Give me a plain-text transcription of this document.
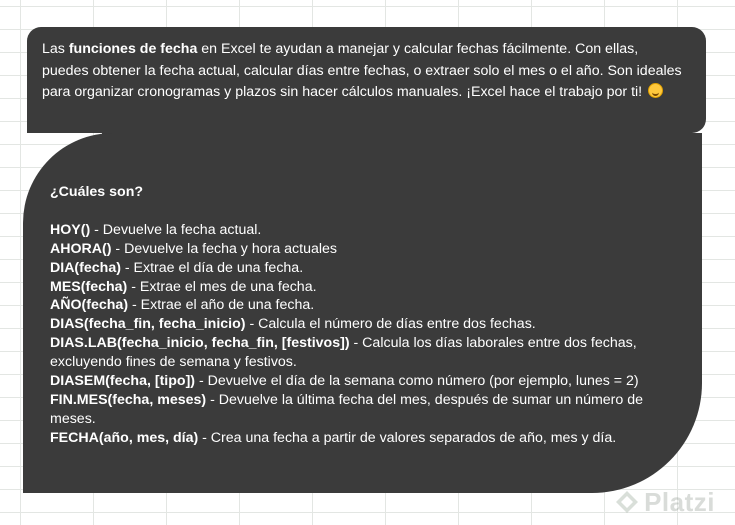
Las funciones de fecha en Excel te ayudan a manejar y calcular fechas fácilmente. Con ellas, puedes obtener la fecha actual, calcular días entre fechas, o extraer solo el mes o el año. Son ideales para organizar cronogramas y plazos sin hacer cálculos manuales. ¡Excel hace el trabajo por ti!

¿Cuáles son?

HOY() - Devuelve la fecha actual.

AHORA() - Devuelve la fecha y hora actuales

DIA(fecha) - Extrae el día de una fecha.

MES(fecha) - Extrae el mes de una fecha.

AÑO(fecha) - Extrae el año de una fecha.

DIAS(fecha_fin, fecha_inicio) - Calcula el número de días entre dos fechas.

DIAS.LAB(fecha_inicio, fecha_fin, [festivos]) - Calcula los días laborales entre dos fechas, excluyendo fines de semana y festivos.

DIASEM(fecha, [tipo]) - Devuelve el día de la semana como número (por ejemplo, lunes = 2)

FIN.MES(fecha, meses) - Devuelve la última fecha del mes, después de sumar un número de meses.

FECHA(año, mes, día) - Crea una fecha a partir de valores separados de año, mes y día.

Platzi
